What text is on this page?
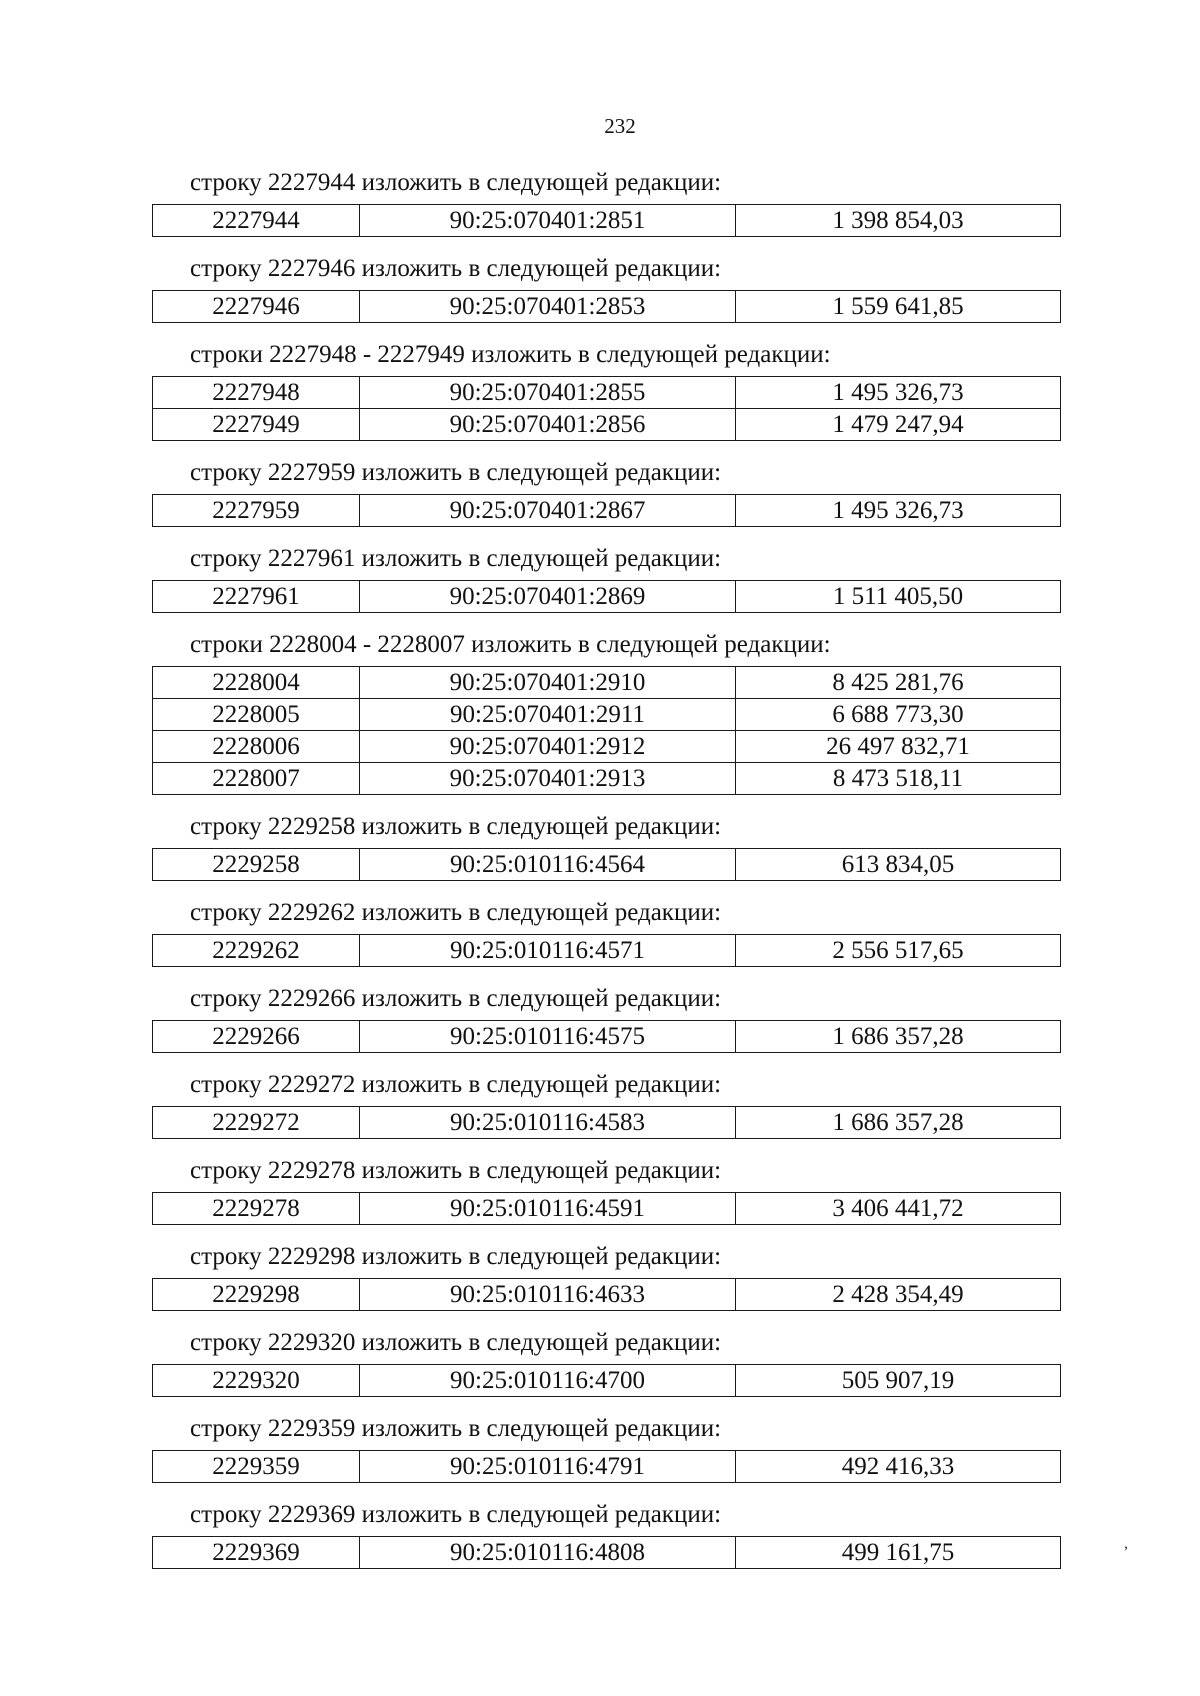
232

строку 2227944 изложить в следующей редакции:

2227944	90:25:070401:2851	1 398 854,03

строку 2227946 изложить в следующей редакции:

2227946	90:25:070401:2853	1 559 641,85

строки 2227948 - 2227949 изложить в следующей редакции:

2227948	90:25:070401:2855	1 495 326,73
2227949	90:25:070401:2856	1 479 247,94

строку 2227959 изложить в следующей редакции:

2227959	90:25:070401:2867	1 495 326,73

строку 2227961 изложить в следующей редакции:

2227961	90:25:070401:2869	1 511 405,50

строки 2228004 - 2228007 изложить в следующей редакции:

2228004	90:25:070401:2910	8 425 281,76
2228005	90:25:070401:2911	6 688 773,30
2228006	90:25:070401:2912	26 497 832,71
2228007	90:25:070401:2913	8 473 518,11

строку 2229258 изложить в следующей редакции:

2229258	90:25:010116:4564	613 834,05

строку 2229262 изложить в следующей редакции:

2229262	90:25:010116:4571	2 556 517,65

строку 2229266 изложить в следующей редакции:

2229266	90:25:010116:4575	1 686 357,28

строку 2229272 изложить в следующей редакции:

2229272	90:25:010116:4583	1 686 357,28

строку 2229278 изложить в следующей редакции:

2229278	90:25:010116:4591	3 406 441,72

строку 2229298 изложить в следующей редакции:

2229298	90:25:010116:4633	2 428 354,49

строку 2229320 изложить в следующей редакции:

2229320	90:25:010116:4700	505 907,19

строку 2229359 изложить в следующей редакции:

2229359	90:25:010116:4791	492 416,33

строку 2229369 изложить в следующей редакции:

2229369	90:25:010116:4808	499 161,75	,
